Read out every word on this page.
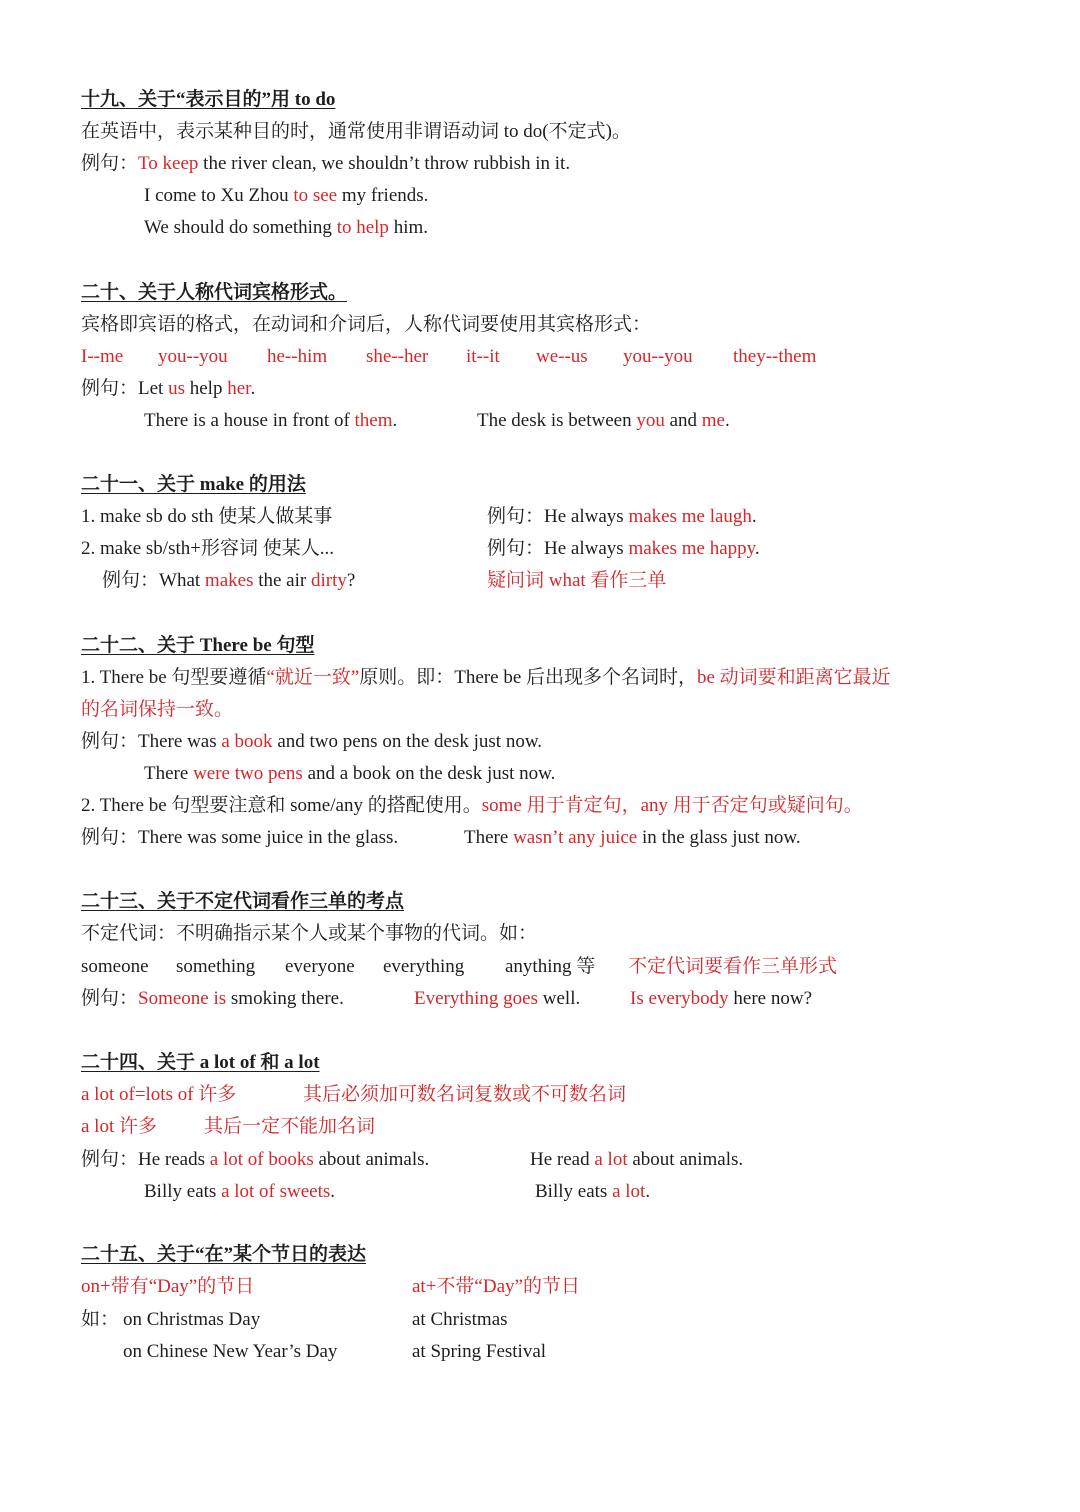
十九、关于“表示目的”用 to do
在英语中，表示某种目的时，通常使用非谓语动词 to do(不定式)。
例句：To keep the river clean, we shouldn’t throw rubbish in it.
I come to Xu Zhou to see my friends.
We should do something to help him.
二十、关于人称代词宾格形式。
宾格即宾语的格式，在动词和介词后，人称代词要使用其宾格形式：
I--me you--you he--him she--her it--it we--us you--you they--them
例句：Let us help her.
There is a house in front of them.	The desk is between you and me.
二十一、关于 make 的用法
1. make sb do sth 使某人做某事	例句：He always makes me laugh.
2. make sb/sth+形容词 使某人...	例句：He always makes me happy.
例句：What makes the air dirty?	疑问词 what 看作三单
二十二、关于 There be 句型
1. There be 句型要遵循“就近一致”原则。即：There be 后出现多个名词时，be 动词要和距离它最近
的名词保持一致。
例句：There was a book and two pens on the desk just now.
There were two pens and a book on the desk just now.
2. There be 句型要注意和 some/any 的搭配使用。some 用于肯定句，any 用于否定句或疑问句。
例句：There was some juice in the glass.	There wasn’t any juice in the glass just now.
二十三、关于不定代词看作三单的考点
不定代词：不明确指示某个人或某个事物的代词。如：
someone something everyone everything anything 等 不定代词要看作三单形式
例句：Someone is smoking there.	Everything goes well.	Is everybody here now?
二十四、关于 a lot of 和 a lot
a lot of=lots of 许多	其后必须加可数名词复数或不可数名词
a lot 许多 其后一定不能加名词
例句：He reads a lot of books about animals.	He read a lot about animals.
Billy eats a lot of sweets.	Billy eats a lot.
二十五、关于“在”某个节日的表达
on+带有“Day”的节日	at+不带“Day”的节日
如： on Christmas Day	at Christmas
on Chinese New Year’s Day	at Spring Festival
